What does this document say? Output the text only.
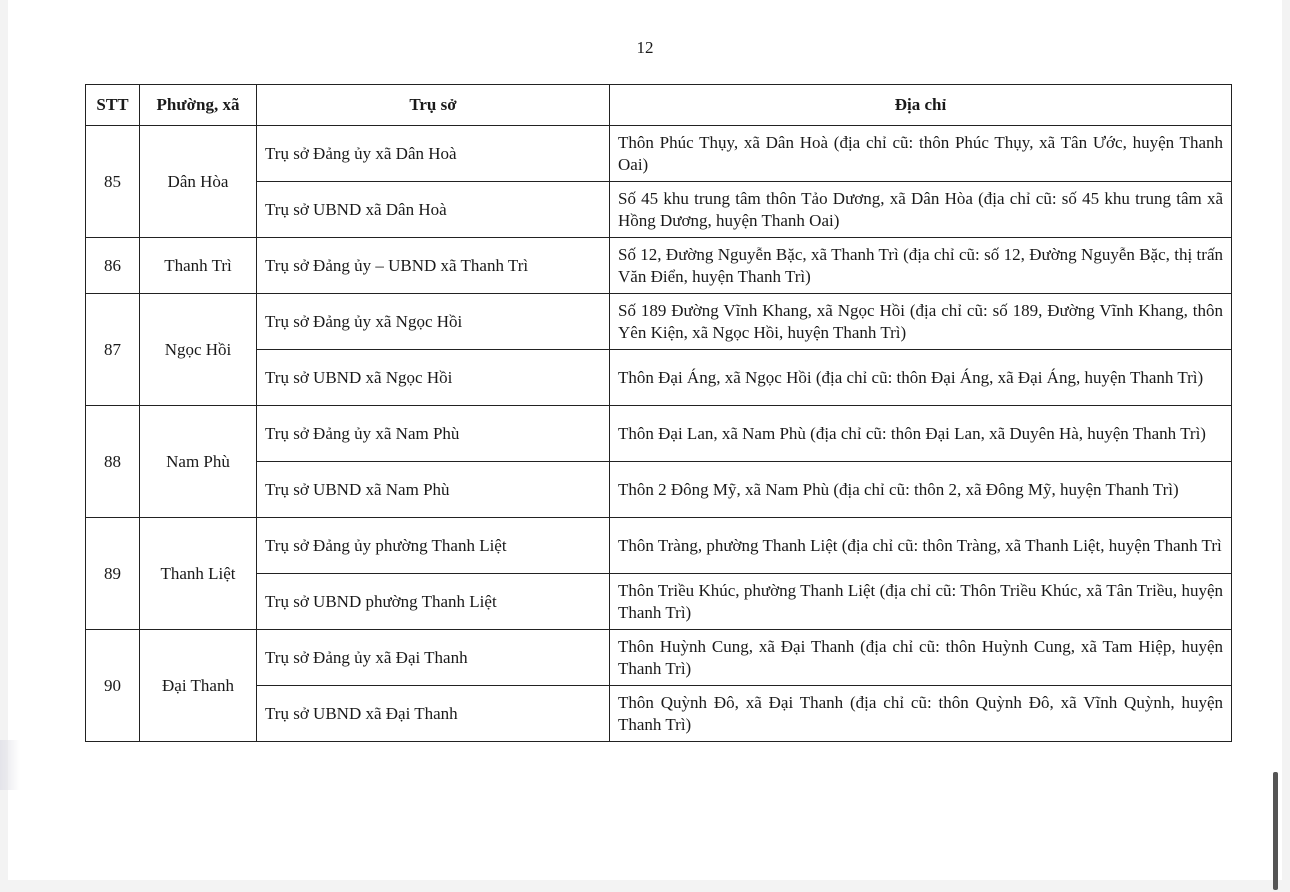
12
STT	Phường, xã	Trụ sở	Địa chỉ
85	Dân Hòa	Trụ sở Đảng ủy xã Dân Hoà	Thôn Phúc Thụy, xã Dân Hoà (địa chỉ cũ: thôn Phúc Thụy, xã Tân Ước, huyện Thanh Oai)
		Trụ sở UBND xã Dân Hoà	Số 45 khu trung tâm thôn Tảo Dương, xã Dân Hòa (địa chỉ cũ: số 45 khu trung tâm xã Hồng Dương, huyện Thanh Oai)
86	Thanh Trì	Trụ sở Đảng ủy – UBND xã Thanh Trì	Số 12, Đường Nguyễn Bặc, xã Thanh Trì (địa chỉ cũ: số 12, Đường Nguyễn Bặc, thị trấn Văn Điển, huyện Thanh Trì)
87	Ngọc Hồi	Trụ sở Đảng ủy xã Ngọc Hồi	Số 189 Đường Vĩnh Khang, xã Ngọc Hồi (địa chỉ cũ: số 189, Đường Vĩnh Khang, thôn Yên Kiện, xã Ngọc Hồi, huyện Thanh Trì)
		Trụ sở UBND xã Ngọc Hồi	Thôn Đại Áng, xã Ngọc Hồi (địa chỉ cũ: thôn Đại Áng, xã Đại Áng, huyện Thanh Trì)
88	Nam Phù	Trụ sở Đảng ủy xã Nam Phù	Thôn Đại Lan, xã Nam Phù (địa chỉ cũ: thôn Đại Lan, xã Duyên Hà, huyện Thanh Trì)
		Trụ sở UBND xã Nam Phù	Thôn 2 Đông Mỹ, xã Nam Phù (địa chỉ cũ: thôn 2, xã Đông Mỹ, huyện Thanh Trì)
89	Thanh Liệt	Trụ sở Đảng ủy phường Thanh Liệt	Thôn Tràng, phường Thanh Liệt (địa chỉ cũ: thôn Tràng, xã Thanh Liệt, huyện Thanh Trì
		Trụ sở UBND phường Thanh Liệt	Thôn Triều Khúc, phường Thanh Liệt (địa chỉ cũ: Thôn Triều Khúc, xã Tân Triều, huyện Thanh Trì)
90	Đại Thanh	Trụ sở Đảng ủy xã Đại Thanh	Thôn Huỳnh Cung, xã Đại Thanh (địa chỉ cũ: thôn Huỳnh Cung, xã Tam Hiệp, huyện Thanh Trì)
		Trụ sở UBND xã Đại Thanh	Thôn Quỳnh Đô, xã Đại Thanh (địa chỉ cũ: thôn Quỳnh Đô, xã Vĩnh Quỳnh, huyện Thanh Trì)
